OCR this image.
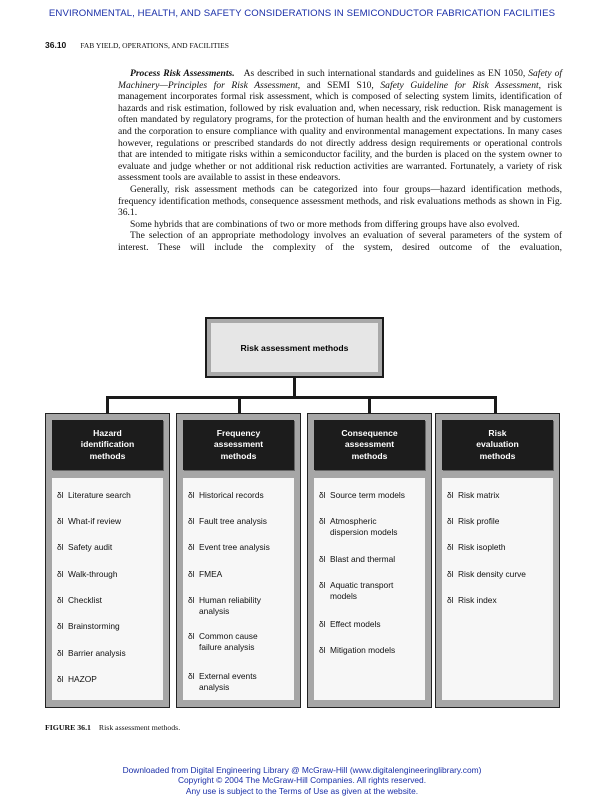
ENVIRONMENTAL, HEALTH, AND SAFETY CONSIDERATIONS IN SEMICONDUCTOR FABRICATION FACILITIES
36.10 FAB YIELD, OPERATIONS, AND FACILITIES

Process Risk Assessments. As described in such international standards and guidelines as EN 1050, Safety of Machinery—Principles for Risk Assessment, and SEMI S10, Safety Guideline for Risk Assessment, risk management incorporates formal risk assessment, which is composed of selecting system limits, identification of hazards and risk estimation, followed by risk evaluation and, when necessary, risk reduction. Risk management is often mandated by regulatory programs, for the protection of human health and the environment and by customers and the corporation to ensure compliance with quality and environmental management expectations. In many cases however, regulations or prescribed standards do not directly address design requirements or operational controls that are intended to mitigate risks within a semiconductor facility, and the burden is placed on the system owner to evaluate and judge whether or not additional risk reduction activities are warranted. Fortunately, a variety of risk assessment tools are available to assist in these endeavors.

Generally, risk assessment methods can be categorized into four groups—hazard identification methods, frequency identification methods, consequence assessment methods, and risk evaluations methods as shown in Fig. 36.1.

Some hybrids that are combinations of two or more methods from differing groups have also evolved.

The selection of an appropriate methodology involves an evaluation of several parameters of the system of interest. These will include the complexity of the system, desired outcome of the evaluation,

Risk assessment methods
Hazard
identification
methods
δl Literature search
δl What-if review
δl Safety audit
δl Walk-through
δl Checklist
δl Brainstorming
δl Barrier analysis
δl HAZOP
Frequency
assessment
methods
δl Historical records
δl Fault tree analysis
δl Event tree analysis
δl FMEA
δl Human reliability
analysis
δl Common cause
failure analysis
δl External events
analysis
Consequence
assessment
methods
δl Source term models
δl Atmospheric
dispersion models
δl Blast and thermal
δl Aquatic transport
models
δl Effect models
δl Mitigation models
Risk
evaluation
methods
δl Risk matrix
δl Risk profile
δl Risk isopleth
δl Risk density curve
δl Risk index
FIGURE 36.1 Risk assessment methods.
Downloaded from Digital Engineering Library @ McGraw-Hill (www.digitalengineeringlibrary.com)
Copyright © 2004 The McGraw-Hill Companies. All rights reserved.
Any use is subject to the Terms of Use as given at the website.
